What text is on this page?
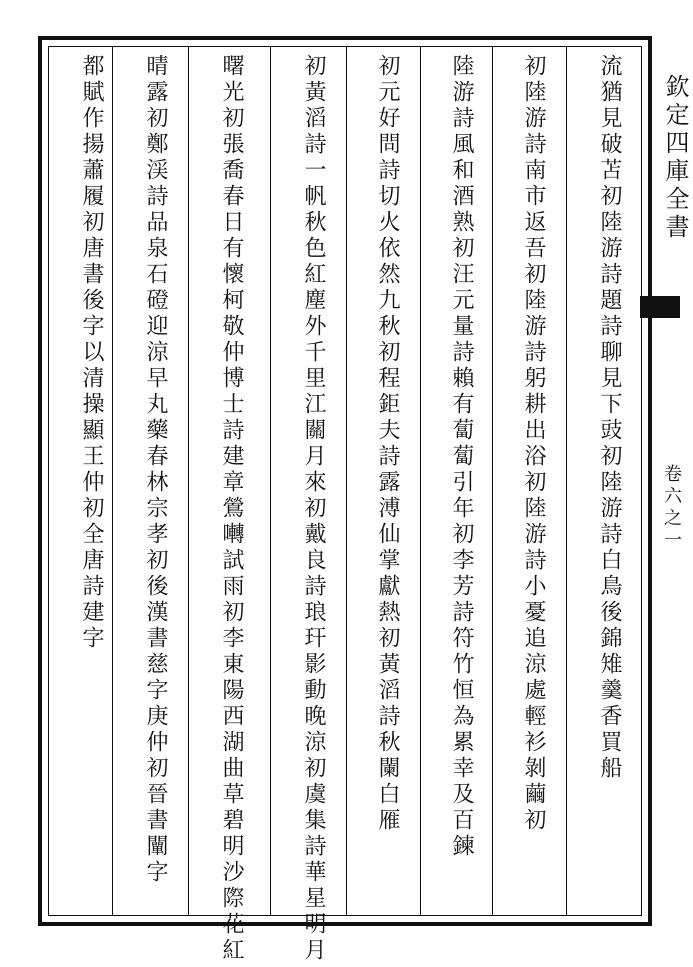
流猶見破苫初陸游詩題詩聊見下豉初陸游詩白鳥後錦雉羹香買船

初陸游詩南市返吾初陸游詩躬耕出浴初陸游詩小憂追涼處輕衫剝繭初

陸游詩風和酒熟初汪元量詩賴有蔔蔔引年初李芳詩符竹恒為累幸及百鍊

初元好問詩切火依然九秋初程鉅夫詩露溥仙掌獻熱初黃滔詩秋闌白雁

初黃滔詩一帆秋色紅塵外千里江關月來初戴良詩琅玕影動晚涼初虞集詩華星明月

曙光初張喬春日有懷柯敬仲博士詩建章鶯囀試雨初李東陽西湖曲草碧明沙際花紅

晴露初鄭渓詩品泉石磴迎涼早丸藥春林宗孝初後漢書慈字庚仲初晉書闡字

都賦作揚蕭履初唐書後字以清操顯王仲初全唐詩建字	欽定四庫全書

卷六之一
